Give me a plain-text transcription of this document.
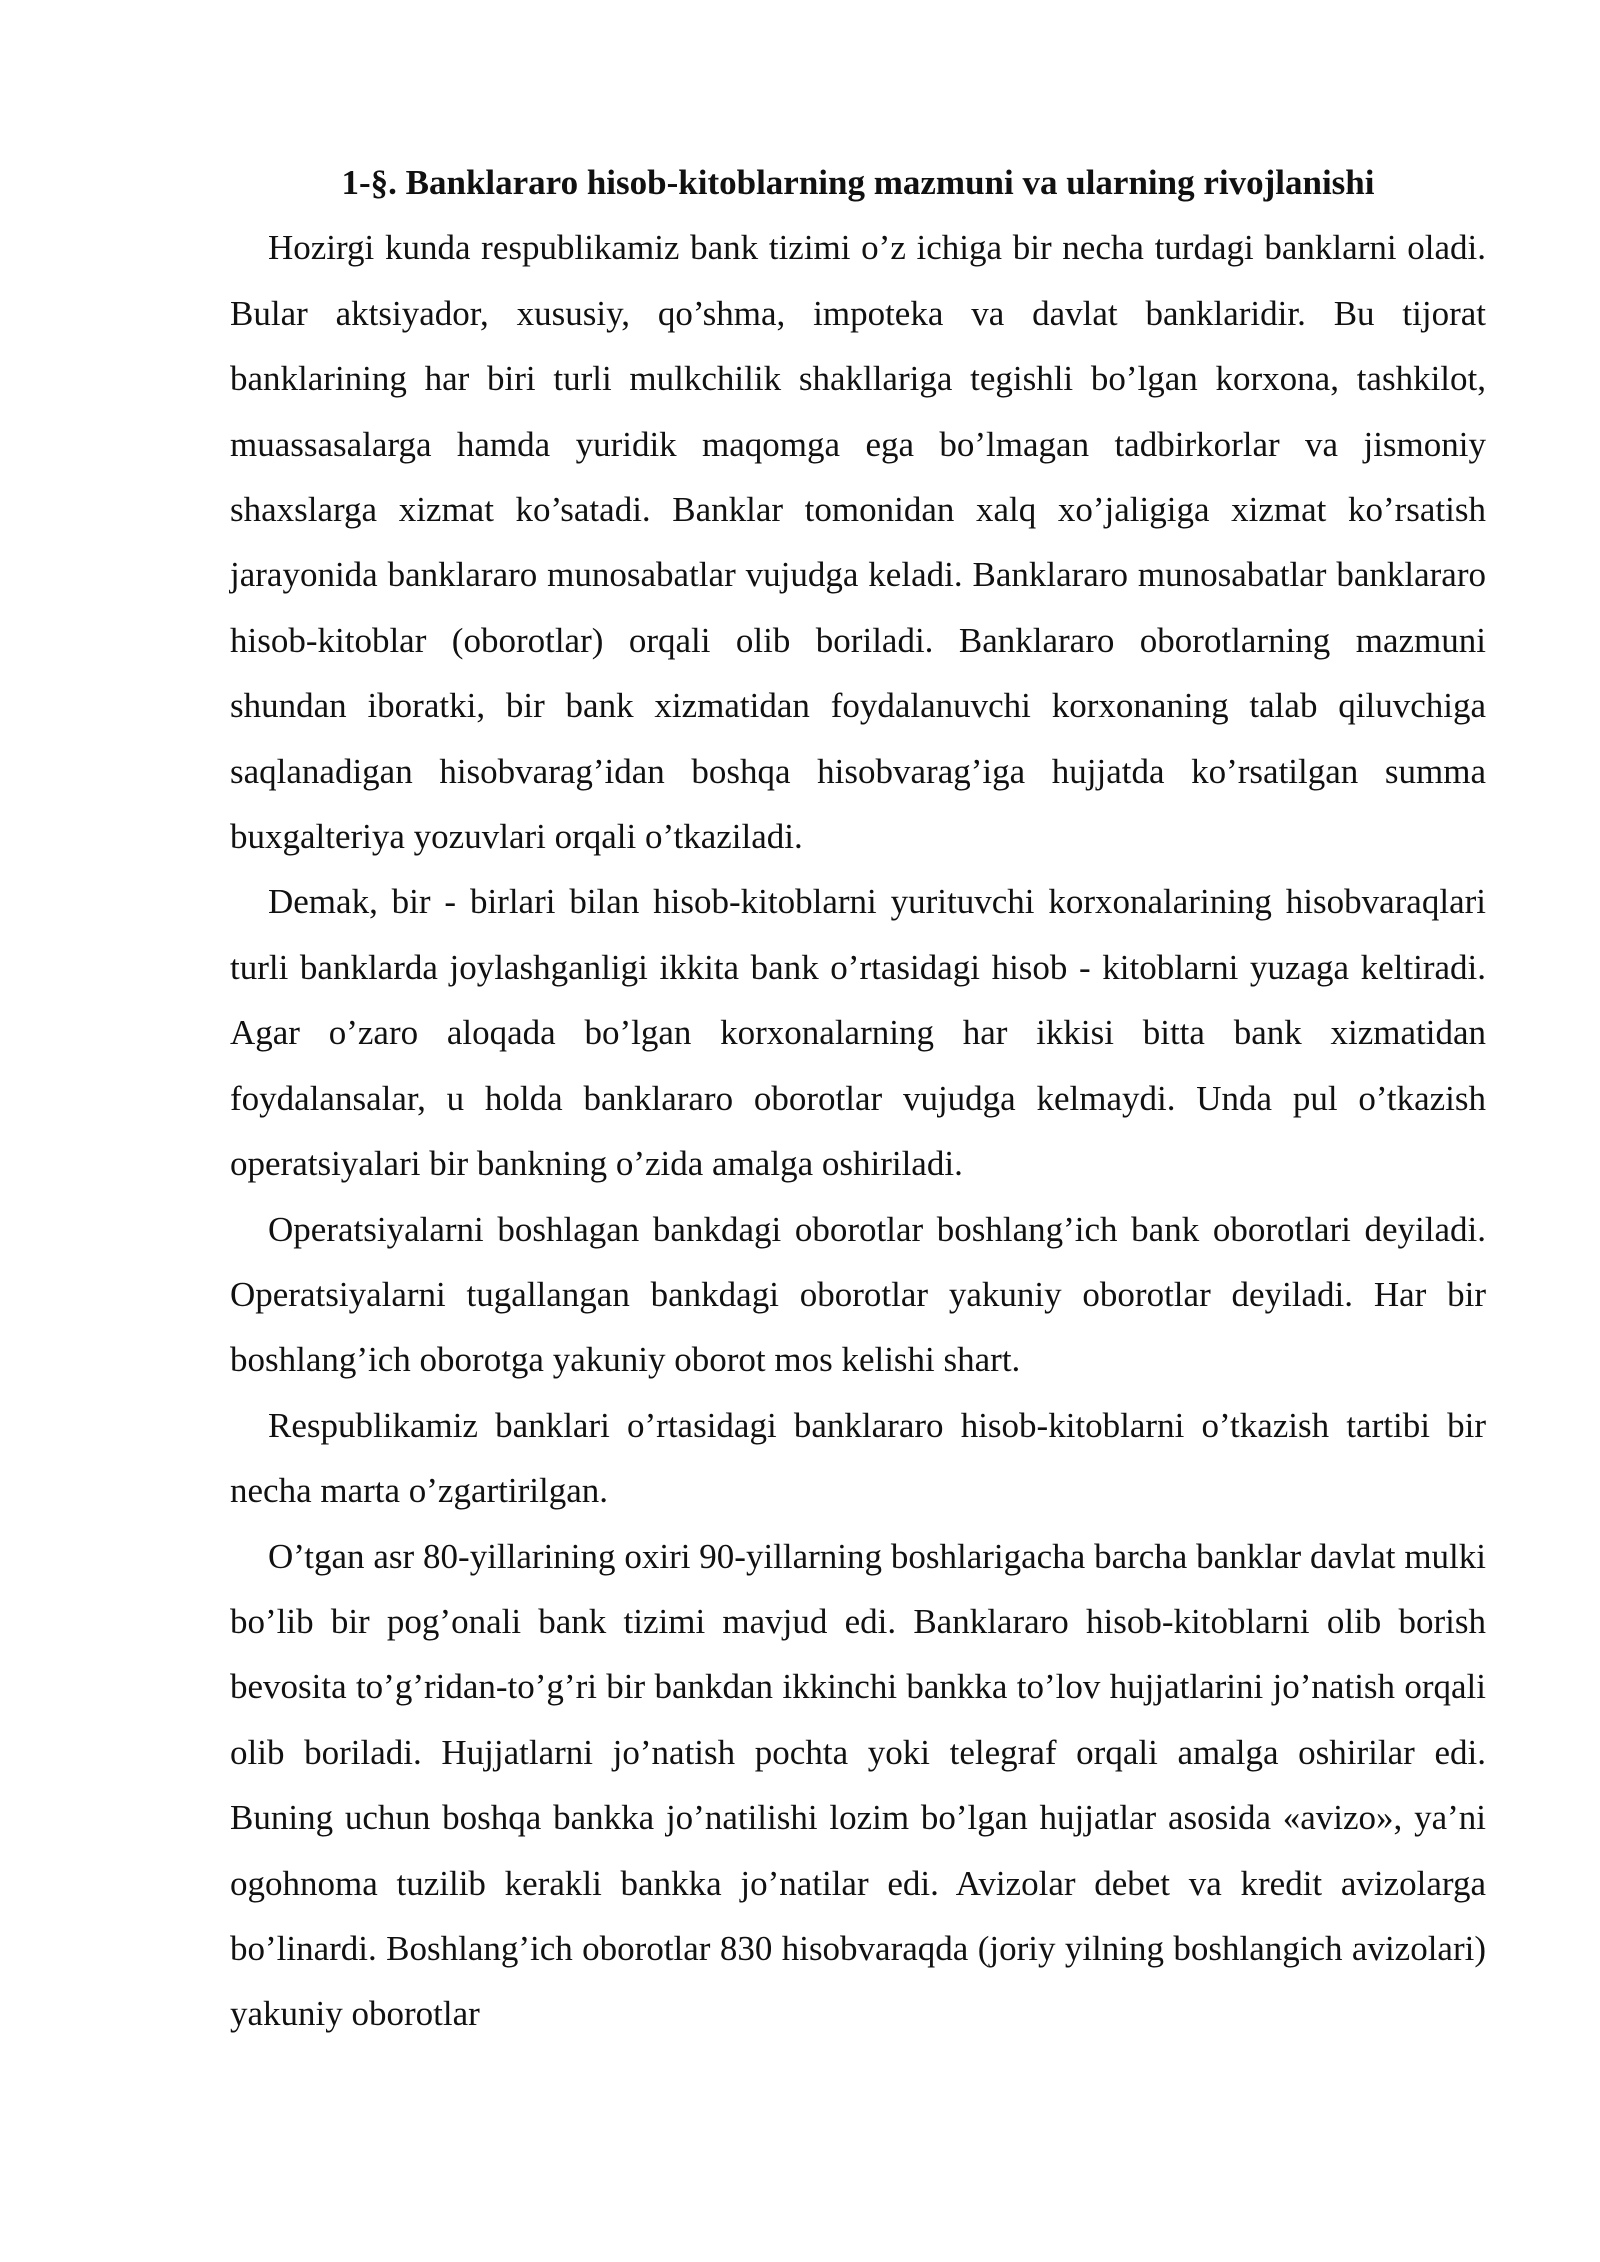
1-§. Banklararo hisob-kitoblarning mazmuni va ularning rivojlanishi

Hozirgi kunda respublikamiz bank tizimi o’z ichiga bir necha turdagi banklarni oladi. Bular aktsiyador, xususiy, qo’shma, impoteka va davlat banklaridir. Bu tijorat banklarining har biri turli mulkchilik shakllariga tegishli bo’lgan korxona, tashkilot, muassasalarga hamda yuridik maqomga ega bo’lmagan tadbirkorlar va jismoniy shaxslarga xizmat ko’satadi. Banklar tomonidan xalq xo’jaligiga xizmat ko’rsatish jarayonida banklararo munosabatlar vujudga keladi. Banklararo munosabatlar banklararo hisob-kitoblar (oborotlar) orqali olib boriladi. Banklararo oborotlarning mazmuni shundan iboratki, bir bank xizmatidan foydalanuvchi korxonaning talab qiluvchiga saqlanadigan hisobvarag’idan boshqa hisobvarag’iga hujjatda ko’rsatilgan summa buxgalteriya yozuvlari orqali o’tkaziladi.

Demak, bir - birlari bilan hisob-kitoblarni yurituvchi korxonalarining hisobvaraqlari turli banklarda joylashganligi ikkita bank o’rtasidagi hisob - kitoblarni yuzaga keltiradi. Agar o’zaro aloqada bo’lgan korxonalarning har ikkisi bitta bank xizmatidan foydalansalar, u holda banklararo oborotlar vujudga kelmaydi. Unda pul o’tkazish operatsiyalari bir bankning o’zida amalga oshiriladi.

Operatsiyalarni boshlagan bankdagi oborotlar boshlang’ich bank oborotlari deyiladi. Operatsiyalarni tugallangan bankdagi oborotlar yakuniy oborotlar deyiladi. Har bir boshlang’ich oborotga yakuniy oborot mos kelishi shart.

Respublikamiz banklari o’rtasidagi banklararo hisob-kitoblarni o’tkazish tartibi bir necha marta o’zgartirilgan.

O’tgan asr 80-yillarining oxiri 90-yillarning boshlarigacha barcha banklar davlat mulki bo’lib bir pog’onali bank tizimi mavjud edi. Banklararo hisob-kitoblarni olib borish bevosita to’g’ridan-to’g’ri bir bankdan ikkinchi bankka to’lov hujjatlarini jo’natish orqali olib boriladi. Hujjatlarni jo’natish pochta yoki telegraf orqali amalga oshirilar edi. Buning uchun boshqa bankka jo’natilishi lozim bo’lgan hujjatlar asosida «avizo», ya’ni ogohnoma tuzilib kerakli bankka jo’natilar edi. Avizolar debet va kredit avizolarga bo’linardi. Boshlang’ich oborotlar 830 hisobvaraqda (joriy yilning boshlangich avizolari) yakuniy oborotlar
